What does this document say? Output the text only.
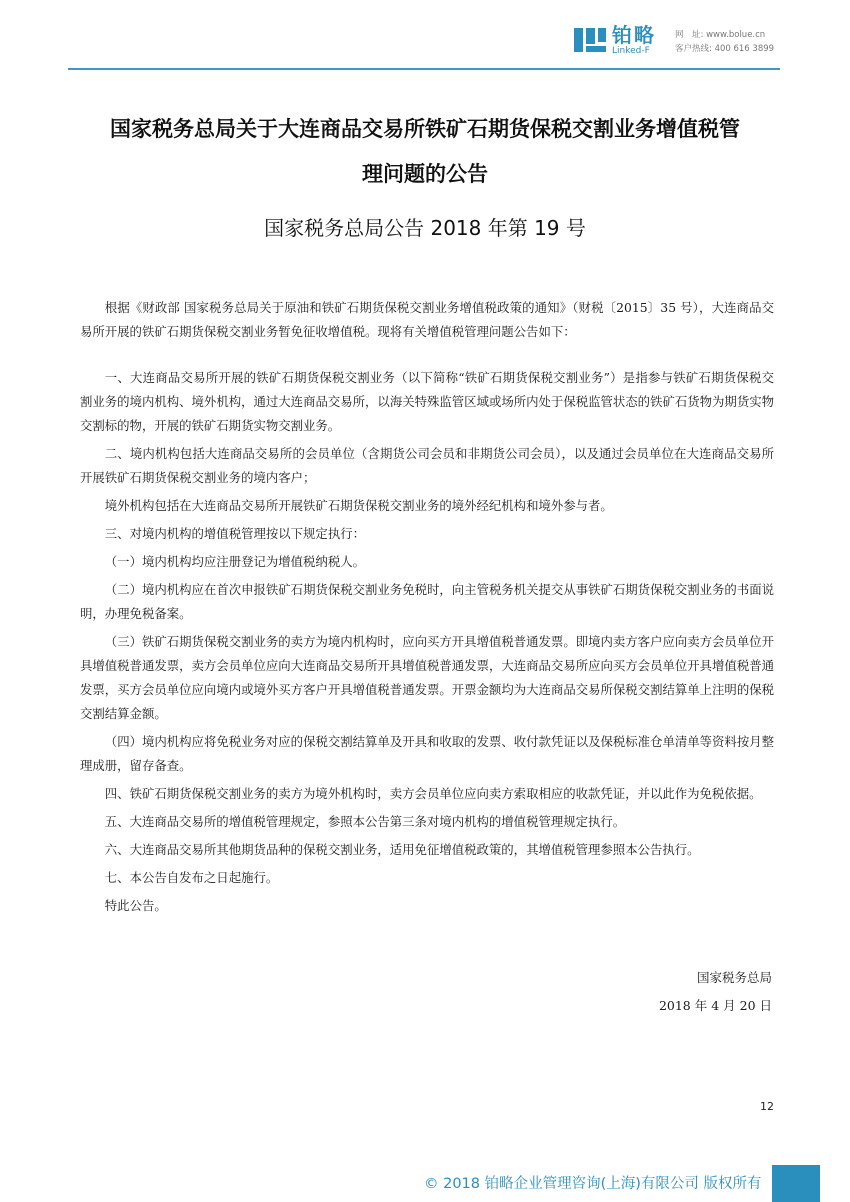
铂略
Linked-F
网　址: www.bolue.cn
客户热线: 400 616 3899
国家税务总局关于大连商品交易所铁矿石期货保税交割业务增值税管
理问题的公告
国家税务总局公告 2018 年第 19 号

根据《财政部 国家税务总局关于原油和铁矿石期货保税交割业务增值税政策的通知》（财税〔2015〕35 号），大连商品交易所开展的铁矿石期货保税交割业务暂免征收增值税。现将有关增值税管理问题公告如下：

一、大连商品交易所开展的铁矿石期货保税交割业务（以下简称“铁矿石期货保税交割业务”）是指参与铁矿石期货保税交割业务的境内机构、境外机构，通过大连商品交易所，以海关特殊监管区域或场所内处于保税监管状态的铁矿石货物为期货实物交割标的物，开展的铁矿石期货实物交割业务。

二、境内机构包括大连商品交易所的会员单位（含期货公司会员和非期货公司会员），以及通过会员单位在大连商品交易所开展铁矿石期货保税交割业务的境内客户；

境外机构包括在大连商品交易所开展铁矿石期货保税交割业务的境外经纪机构和境外参与者。

三、对境内机构的增值税管理按以下规定执行：

（一）境内机构均应注册登记为增值税纳税人。

（二）境内机构应在首次申报铁矿石期货保税交割业务免税时，向主管税务机关提交从事铁矿石期货保税交割业务的书面说明，办理免税备案。

（三）铁矿石期货保税交割业务的卖方为境内机构时，应向买方开具增值税普通发票。即境内卖方客户应向卖方会员单位开具增值税普通发票，卖方会员单位应向大连商品交易所开具增值税普通发票，大连商品交易所应向买方会员单位开具增值税普通发票，买方会员单位应向境内或境外买方客户开具增值税普通发票。开票金额均为大连商品交易所保税交割结算单上注明的保税交割结算金额。

（四）境内机构应将免税业务对应的保税交割结算单及开具和收取的发票、收付款凭证以及保税标准仓单清单等资料按月整理成册，留存备查。

四、铁矿石期货保税交割业务的卖方为境外机构时，卖方会员单位应向卖方索取相应的收款凭证，并以此作为免税依据。

五、大连商品交易所的增值税管理规定，参照本公告第三条对境内机构的增值税管理规定执行。

六、大连商品交易所其他期货品种的保税交割业务，适用免征增值税政策的，其增值税管理参照本公告执行。

七、本公告自发布之日起施行。

特此公告。

国家税务总局
2018 年 4 月 20 日
12
© 2018 铂略企业管理咨询(上海)有限公司 版权所有
